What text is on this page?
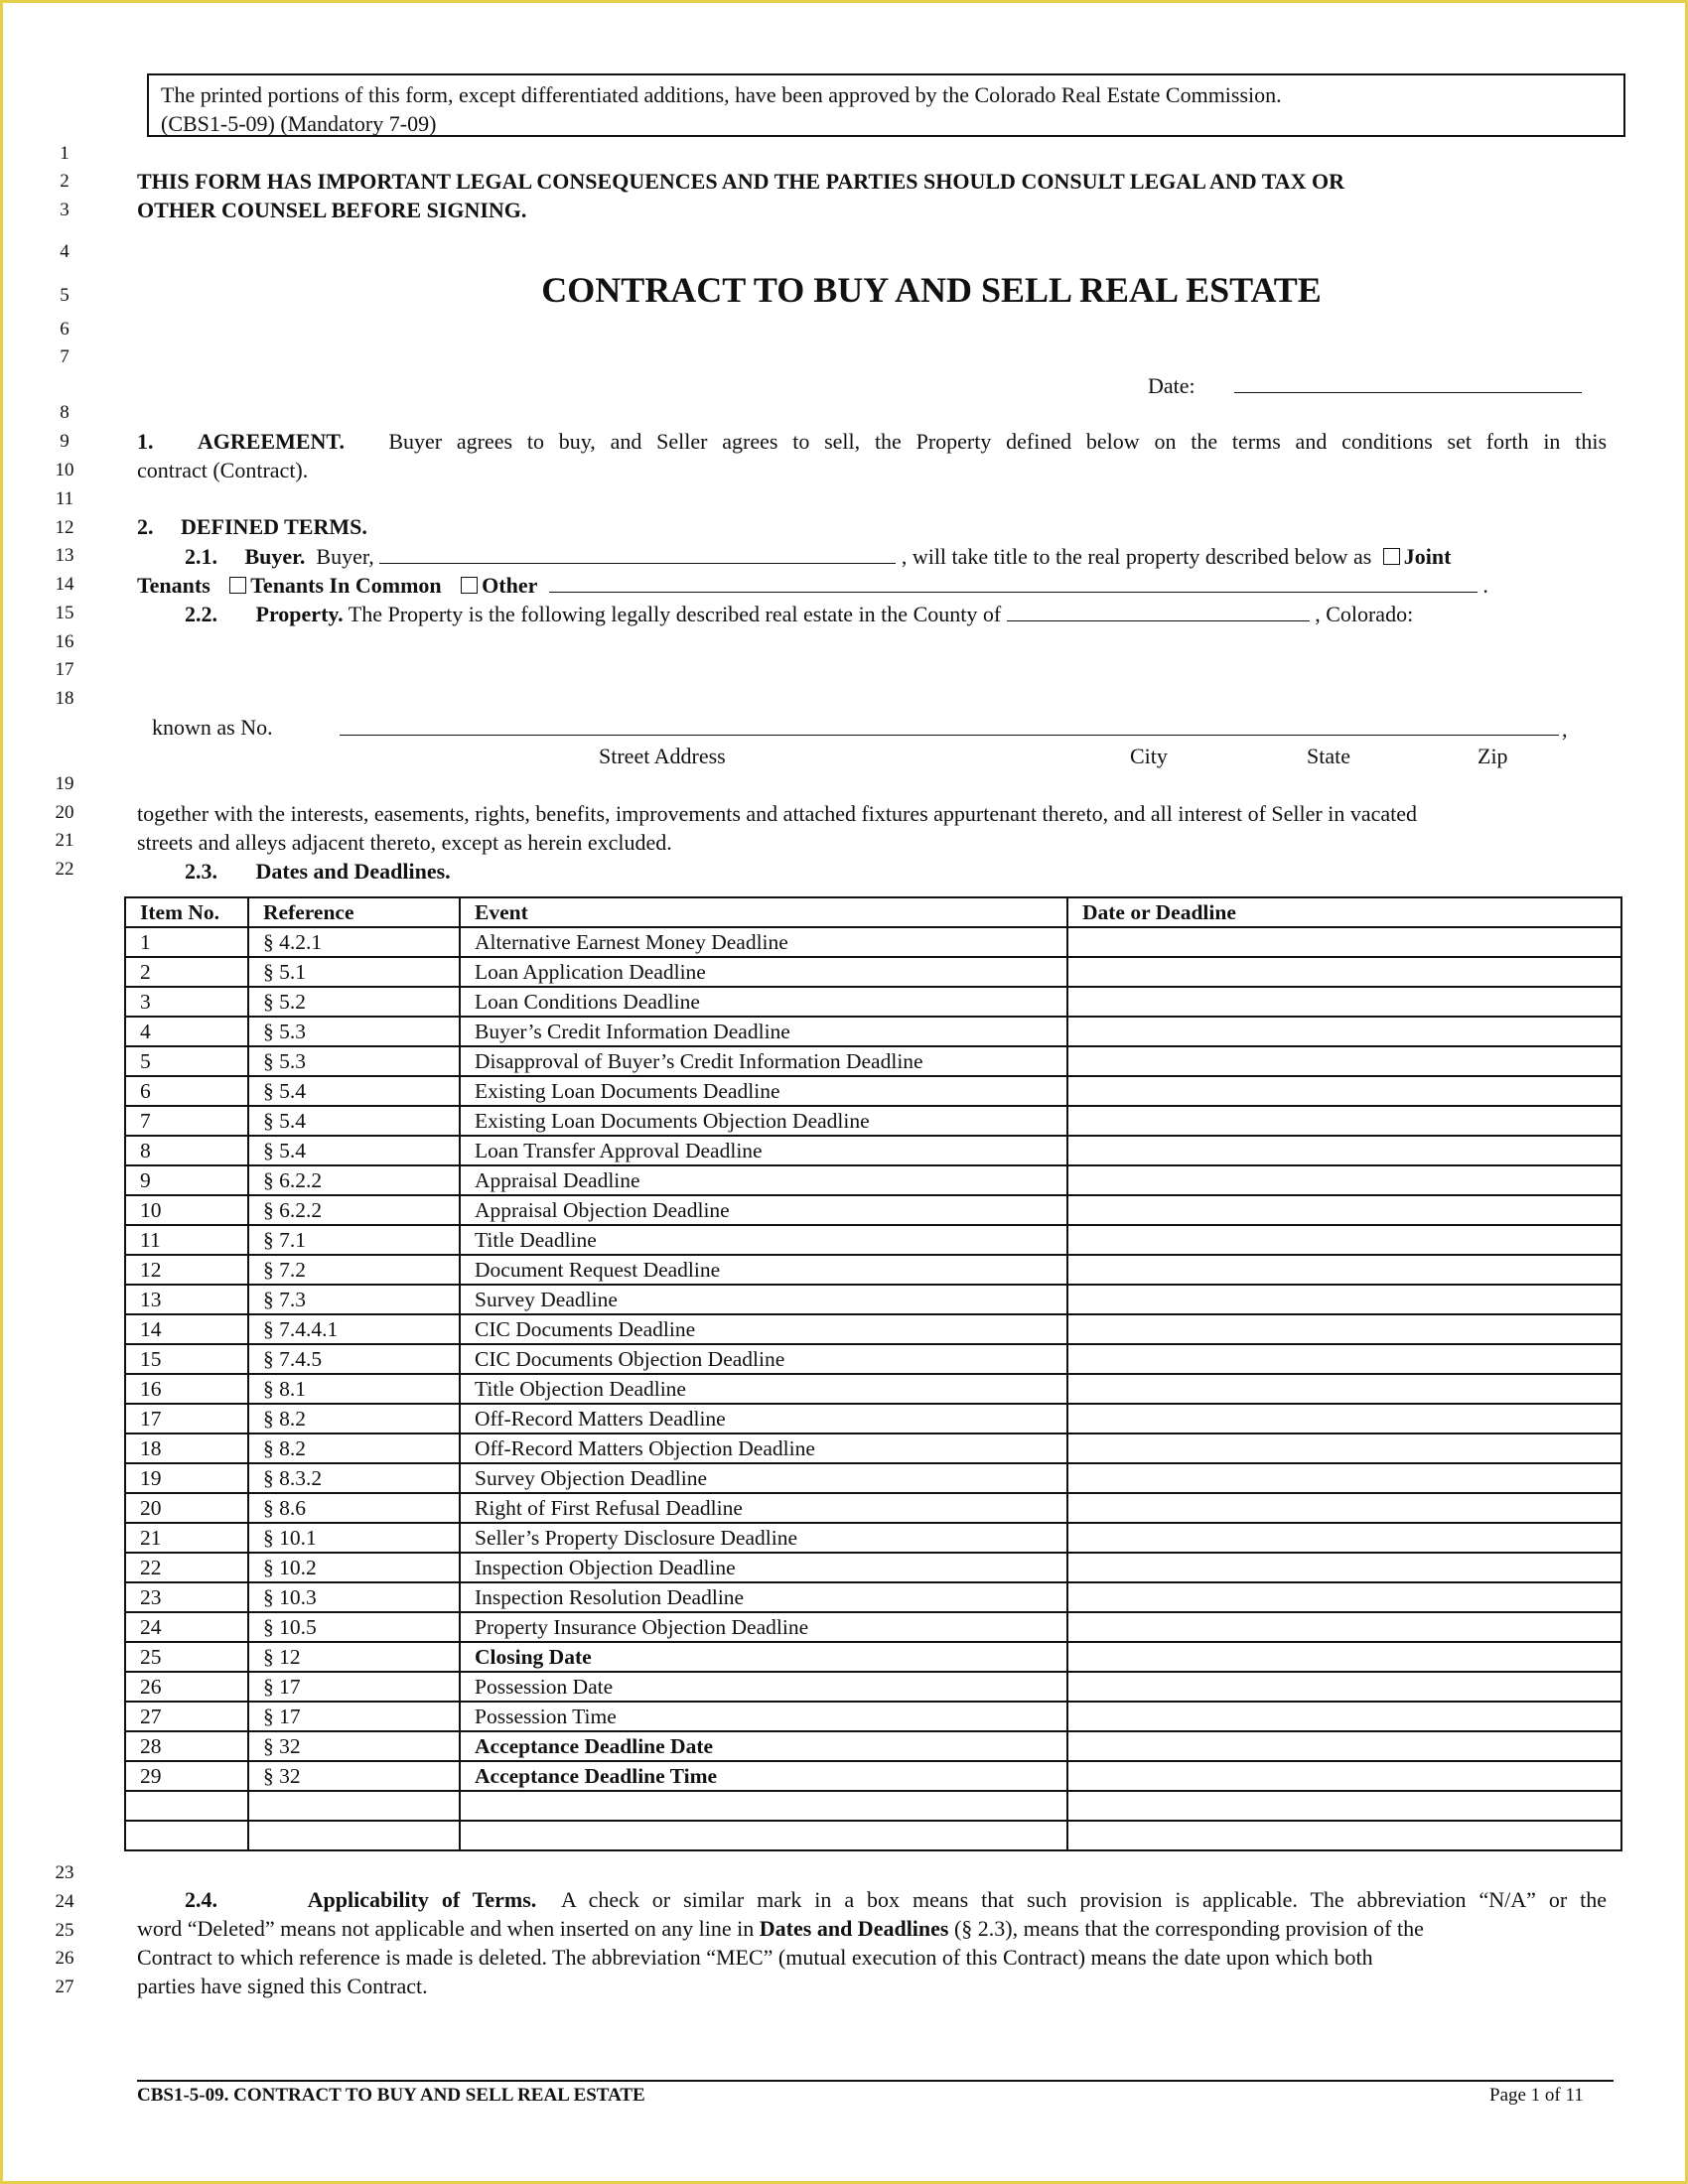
The printed portions of this form, except differentiated additions, have been approved by the Colorado Real Estate Commission.
(CBS1-5-09) (Mandatory 7-09)
1
2
3
4
5
6
7
8
9
10
11
12
13
14
15
16
17
18
19
20
21
22
23
24
25
26
27
THIS FORM HAS IMPORTANT LEGAL CONSEQUENCES AND THE PARTIES SHOULD CONSULT LEGAL AND TAX OR
OTHER COUNSEL BEFORE SIGNING.
CONTRACT TO BUY AND SELL REAL ESTATE
Date:
1. AGREEMENT. Buyer agrees to buy, and Seller agrees to sell, the Property defined below on the terms and conditions set forth in this
contract (Contract).
2. DEFINED TERMS.
2.1. Buyer. Buyer,	, will take title to the real property described below as Joint
Tenants Tenants In Common Other	.
2.2. Property. The Property is the following legally described real estate in the County of	, Colorado:
known as No.	,
Street Address	City	State	Zip
together with the interests, easements, rights, benefits, improvements and attached fixtures appurtenant thereto, and all interest of Seller in vacated
streets and alleys adjacent thereto, except as herein excluded.
2.3. Dates and Deadlines.
Item No.	Reference	Event	Date or Deadline
1	§ 4.2.1	Alternative Earnest Money Deadline	
2	§ 5.1	Loan Application Deadline	
3	§ 5.2	Loan Conditions Deadline	
4	§ 5.3	Buyer’s Credit Information Deadline	
5	§ 5.3	Disapproval of Buyer’s Credit Information Deadline	
6	§ 5.4	Existing Loan Documents Deadline	
7	§ 5.4	Existing Loan Documents Objection Deadline	
8	§ 5.4	Loan Transfer Approval Deadline	
9	§ 6.2.2	Appraisal Deadline	
10	§ 6.2.2	Appraisal Objection Deadline	
11	§ 7.1	Title Deadline	
12	§ 7.2	Document Request Deadline	
13	§ 7.3	Survey Deadline	
14	§ 7.4.4.1	CIC Documents Deadline	
15	§ 7.4.5	CIC Documents Objection Deadline	
16	§ 8.1	Title Objection Deadline	
17	§ 8.2	Off-Record Matters Deadline	
18	§ 8.2	Off-Record Matters Objection Deadline	
19	§ 8.3.2	Survey Objection Deadline	
20	§ 8.6	Right of First Refusal Deadline	
21	§ 10.1	Seller’s Property Disclosure Deadline	
22	§ 10.2	Inspection Objection Deadline	
23	§ 10.3	Inspection Resolution Deadline	
24	§ 10.5	Property Insurance Objection Deadline	
25	§ 12	Closing Date	
26	§ 17	Possession Date	
27	§ 17	Possession Time	
28	§ 32	Acceptance Deadline Date	
29	§ 32	Acceptance Deadline Time	

2.4.	Applicability of Terms. A check or similar mark in a box means that such provision is applicable. The abbreviation “N/A” or the
word “Deleted” means not applicable and when inserted on any line in Dates and Deadlines (§ 2.3), means that the corresponding provision of the
Contract to which reference is made is deleted. The abbreviation “MEC” (mutual execution of this Contract) means the date upon which both
parties have signed this Contract.
CBS1-5-09. CONTRACT TO BUY AND SELL REAL ESTATE	Page 1 of 11
